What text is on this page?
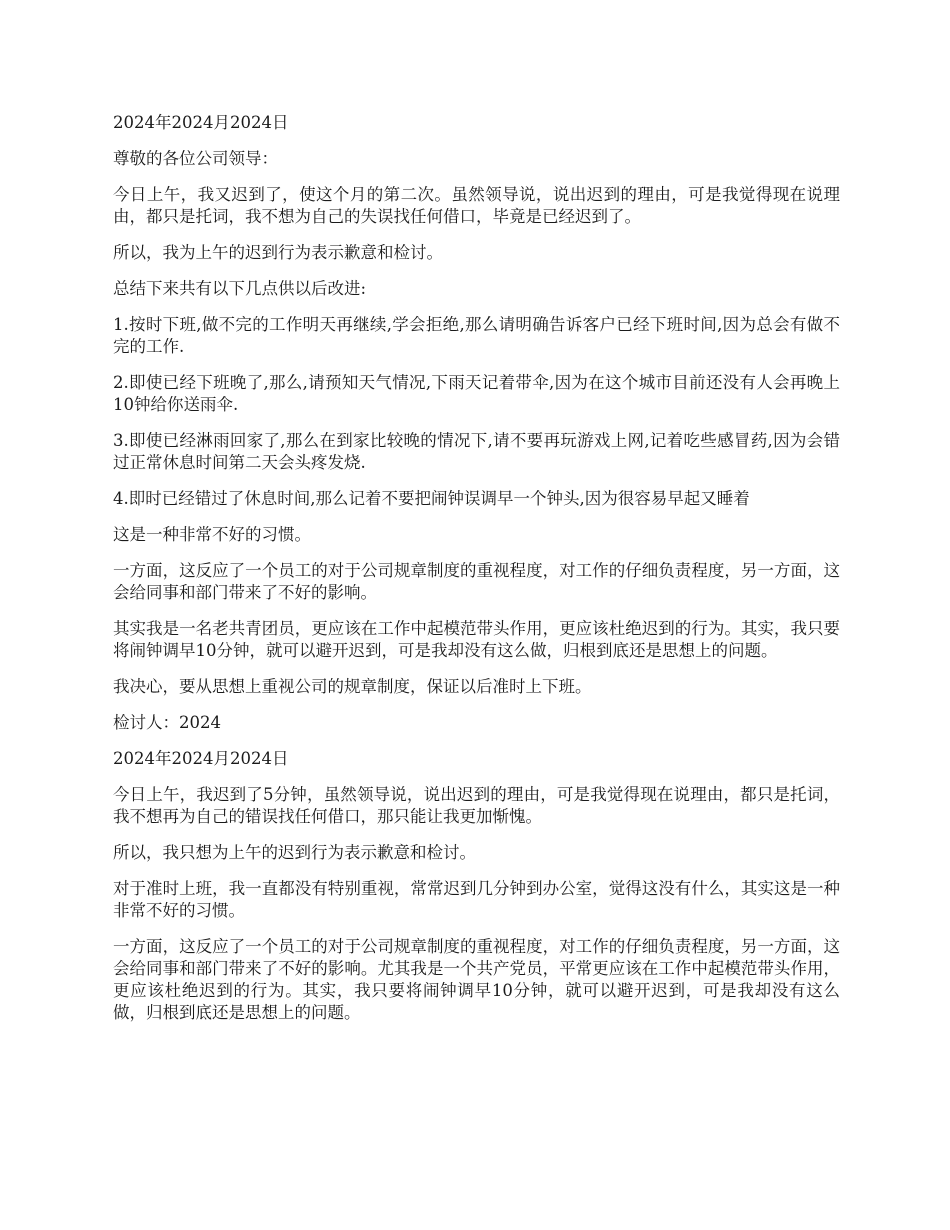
2024年2024月2024日

尊敬的各位公司领导：

今日上午，我又迟到了，使这个月的第二次。虽然领导说，说出迟到的理由，可是我觉得现在说理由，都只是托词，我不想为自己的失误找任何借口，毕竟是已经迟到了。

所以，我为上午的迟到行为表示歉意和检讨。

总结下来共有以下几点供以后改进:

1.按时下班,做不完的工作明天再继续,学会拒绝,那么请明确告诉客户已经下班时间,因为总会有做不完的工作.

2.即使已经下班晚了,那么,请预知天气情况,下雨天记着带伞,因为在这个城市目前还没有人会再晚上10钟给你送雨伞.

3.即使已经淋雨回家了,那么在到家比较晚的情况下,请不要再玩游戏上网,记着吃些感冒药,因为会错过正常休息时间第二天会头疼发烧.

4.即时已经错过了休息时间,那么记着不要把闹钟误调早一个钟头,因为很容易早起又睡着

这是一种非常不好的习惯。

一方面，这反应了一个员工的对于公司规章制度的重视程度，对工作的仔细负责程度，另一方面，这会给同事和部门带来了不好的影响。

其实我是一名老共青团员，更应该在工作中起模范带头作用，更应该杜绝迟到的行为。其实，我只要将闹钟调早10分钟，就可以避开迟到，可是我却没有这么做，归根到底还是思想上的问题。

我决心，要从思想上重视公司的规章制度，保证以后准时上下班。

检讨人：2024

2024年2024月2024日

今日上午，我迟到了5分钟，虽然领导说，说出迟到的理由，可是我觉得现在说理由，都只是托词，我不想再为自己的错误找任何借口，那只能让我更加惭愧。

所以，我只想为上午的迟到行为表示歉意和检讨。

对于准时上班，我一直都没有特别重视，常常迟到几分钟到办公室，觉得这没有什么，其实这是一种非常不好的习惯。

一方面，这反应了一个员工的对于公司规章制度的重视程度，对工作的仔细负责程度，另一方面，这会给同事和部门带来了不好的影响。尤其我是一个共产党员，平常更应该在工作中起模范带头作用，更应该杜绝迟到的行为。其实，我只要将闹钟调早10分钟，就可以避开迟到，可是我却没有这么做，归根到底还是思想上的问题。
